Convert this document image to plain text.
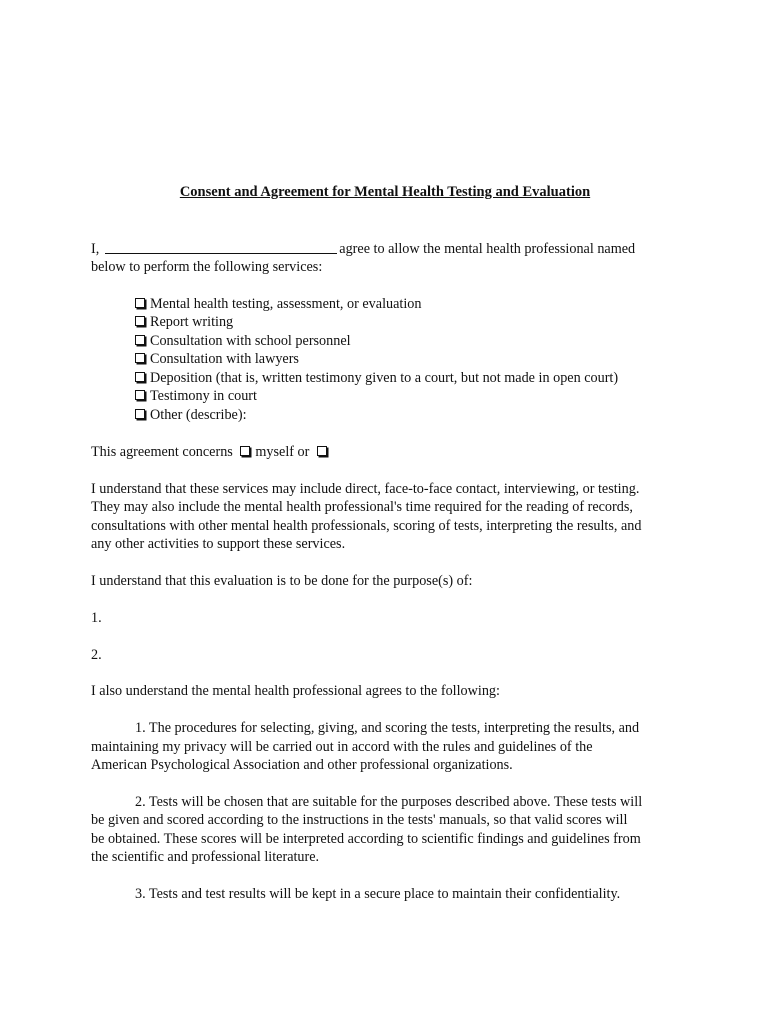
Consent and Agreement for Mental Health Testing and Evaluation
I,	agree to allow the mental health professional named
below to perform the following services:
Mental health testing, assessment, or evaluation
Report writing
Consultation with school personnel
Consultation with lawyers
Deposition (that is, written testimony given to a court, but not made in open court)
Testimony in court
Other (describe):
This agreement concerns myself or
I understand that these services may include direct, face-to-face contact, interviewing, or testing.
They may also include the mental health professional's time required for the reading of records,
consultations with other mental health professionals, scoring of tests, interpreting the results, and
any other activities to support these services.
I understand that this evaluation is to be done for the purpose(s) of:
1.
2.
I also understand the mental health professional agrees to the following:
1. The procedures for selecting, giving, and scoring the tests, interpreting the results, and
maintaining my privacy will be carried out in accord with the rules and guidelines of the
American Psychological Association and other professional organizations.
2. Tests will be chosen that are suitable for the purposes described above. These tests will
be given and scored according to the instructions in the tests' manuals, so that valid scores will
be obtained. These scores will be interpreted according to scientific findings and guidelines from
the scientific and professional literature.
3. Tests and test results will be kept in a secure place to maintain their confidentiality.
